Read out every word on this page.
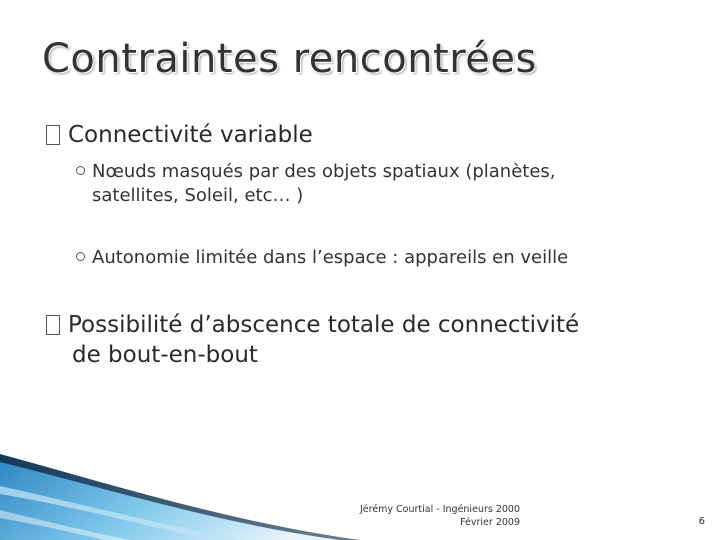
Contraintes rencontrées
Connectivité variable
Nœuds masqués par des objets spatiaux (planètes,
satellites, Soleil, etc… )
Autonomie limitée dans l’espace : appareils en veille
Possibilité d’abscence totale de connectivité
de bout-en-bout
Jérémy Courtial - Ingénieurs 2000
Février 2009	6
